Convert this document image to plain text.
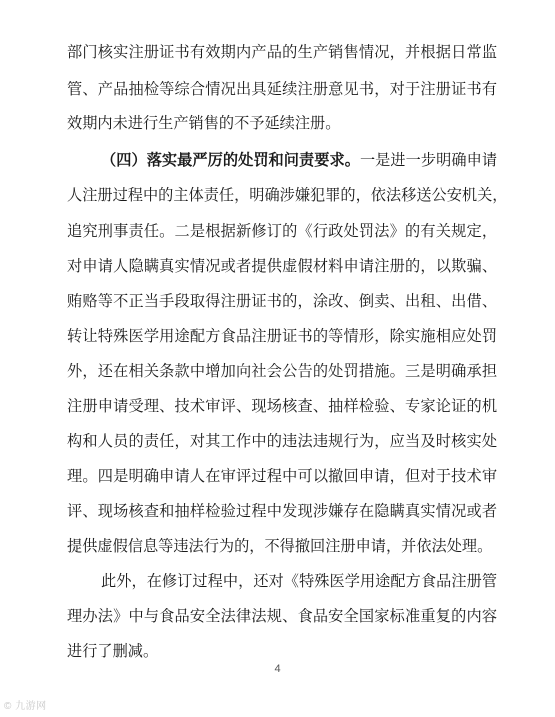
部门核实注册证书有效期内产品的生产销售情况，并根据日常监
管、产品抽检等综合情况出具延续注册意见书，对于注册证书有
效期内未进行生产销售的不予延续注册。
（四）落实最严厉的处罚和问责要求。一是进一步明确申请
人注册过程中的主体责任，明确涉嫌犯罪的，依法移送公安机关，
追究刑事责任。二是根据新修订的《行政处罚法》的有关规定，
对申请人隐瞒真实情况或者提供虚假材料申请注册的，以欺骗、
贿赂等不正当手段取得注册证书的，涂改、倒卖、出租、出借、
转让特殊医学用途配方食品注册证书的等情形，除实施相应处罚
外，还在相关条款中增加向社会公告的处罚措施。三是明确承担
注册申请受理、技术审评、现场核查、抽样检验、专家论证的机
构和人员的责任，对其工作中的违法违规行为，应当及时核实处
理。四是明确申请人在审评过程中可以撤回申请，但对于技术审
评、现场核查和抽样检验过程中发现涉嫌存在隐瞒真实情况或者
提供虚假信息等违法行为的，不得撤回注册申请，并依法处理。
此外，在修订过程中，还对《特殊医学用途配方食品注册管
理办法》中与食品安全法律法规、食品安全国家标准重复的内容
进行了删减。
4
© 九游网
